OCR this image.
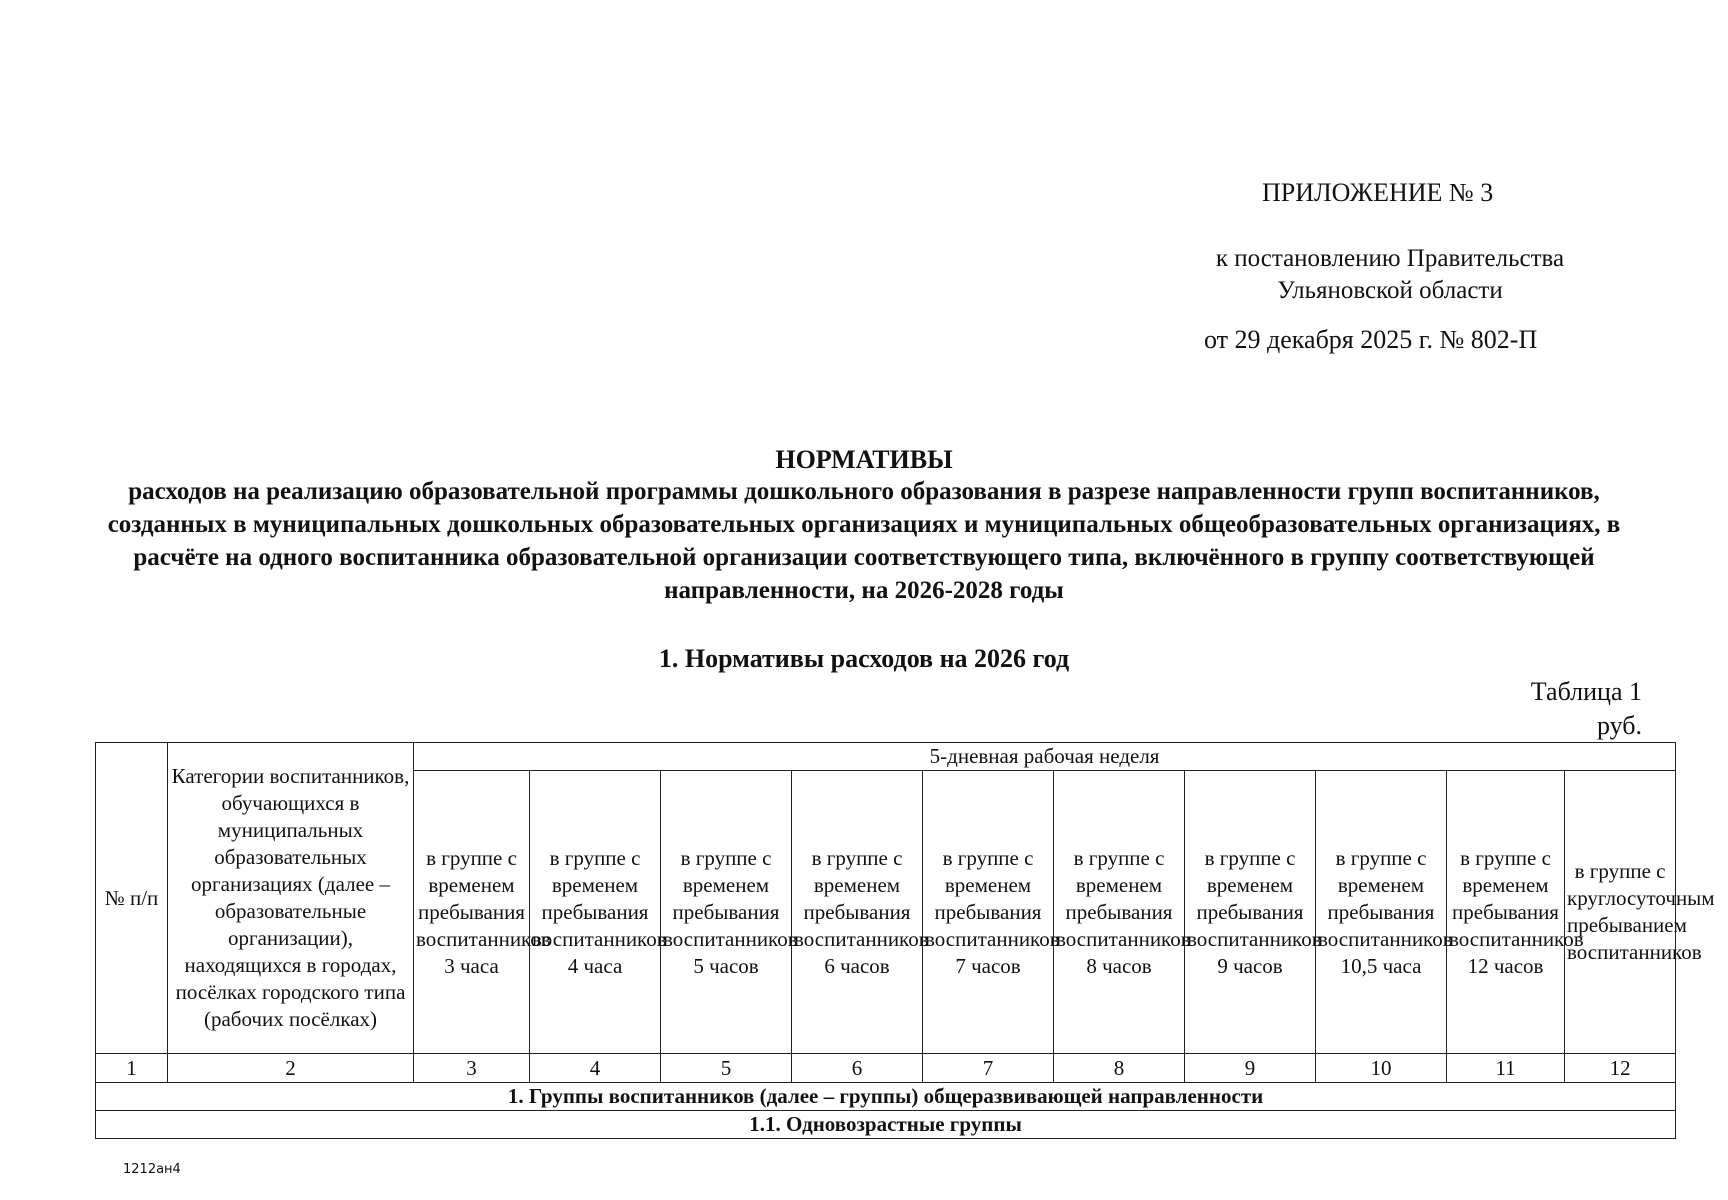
ПРИЛОЖЕНИЕ № 3
к постановлению Правительства Ульяновской области
от 29 декабря 2025 г. № 802-П
НОРМАТИВЫ
расходов на реализацию образовательной программы дошкольного образования в разрезе направленности групп воспитанников, созданных в муниципальных дошкольных образовательных организациях и муниципальных общеобразовательных организациях, в расчёте на одного воспитанника образовательной организации соответствующего типа, включённого в группу соответствующей направленности, на 2026-2028 годы
1. Нормативы расходов на 2026 год
Таблица 1
руб.
№ п/п	Категории воспитанников, обучающихся в муниципальных образовательных организациях (далее – образовательные организации), находящихся в городах, посёлках городского типа (рабочих посёлках)	5-дневная рабочая неделя									
		в группе с временем пребывания воспитанников 3 часа	в группе с временем пребывания воспитанников 4 часа	в группе с временем пребывания воспитанников 5 часов	в группе с временем пребывания воспитанников 6 часов	в группе с временем пребывания воспитанников 7 часов	в группе с временем пребывания воспитанников 8 часов	в группе с временем пребывания воспитанников 9 часов	в группе с временем пребывания воспитанников 10,5 часа	в группе с временем пребывания воспитанников 12 часов	в группе с круглосуточным пребыванием воспитанников
1	2	3	4	5	6	7	8	9	10	11	12
1. Группы воспитанников (далее – группы) общеразвивающей направленности											
1.1. Одновозрастные группы											
1212ан4
